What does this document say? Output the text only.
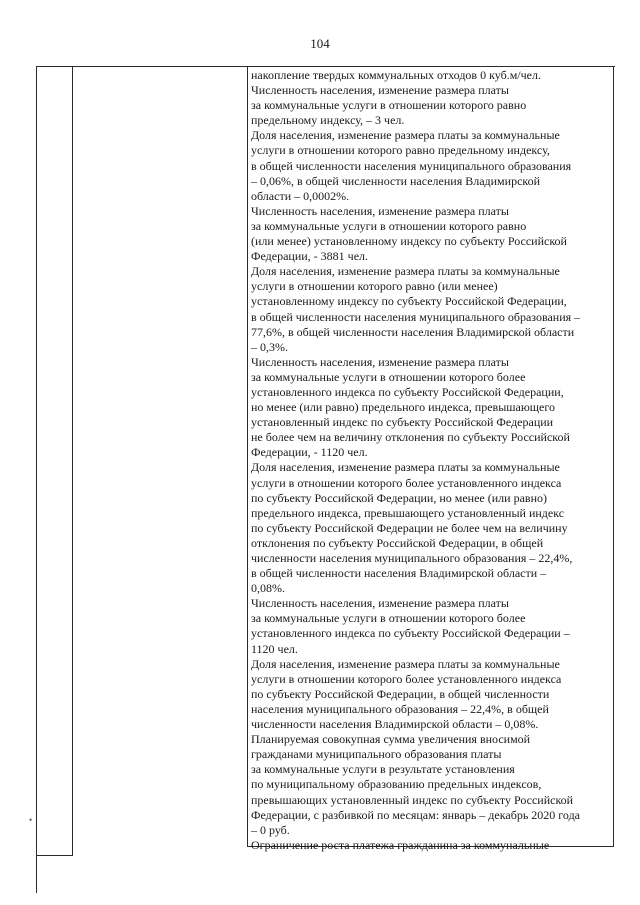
104
накопление твердых коммунальных отходов 0 куб.м/чел.
Численность населения, изменение размера платы
за коммунальные услуги в отношении которого равно
предельному индексу, – 3 чел.
Доля населения, изменение размера платы за коммунальные
услуги в отношении которого равно предельному индексу,
в общей численности населения муниципального образования
– 0,06%, в общей численности населения Владимирской
области – 0,0002%.
Численность населения, изменение размера платы
за коммунальные услуги в отношении которого равно
(или менее) установленному индексу по субъекту Российской
Федерации, - 3881 чел.
Доля населения, изменение размера платы за коммунальные
услуги в отношении которого равно (или менее)
установленному индексу по субъекту Российской Федерации,
в общей численности населения муниципального образования –
77,6%, в общей численности населения Владимирской области
– 0,3%.
Численность населения, изменение размера платы
за коммунальные услуги в отношении которого более
установленного индекса по субъекту Российской Федерации,
но менее (или равно) предельного индекса, превышающего
установленный индекс по субъекту Российской Федерации
не более чем на величину отклонения по субъекту Российской
Федерации, - 1120 чел.
Доля населения, изменение размера платы за коммунальные
услуги в отношении которого более установленного индекса
по субъекту Российской Федерации, но менее (или равно)
предельного индекса, превышающего установленный индекс
по субъекту Российской Федерации не более чем на величину
отклонения по субъекту Российской Федерации, в общей
численности населения муниципального образования – 22,4%,
в общей численности населения Владимирской области –
0,08%.
Численность населения, изменение размера платы
за коммунальные услуги в отношении которого более
установленного индекса по субъекту Российской Федерации –
1120 чел.
Доля населения, изменение размера платы за коммунальные
услуги в отношении которого более установленного индекса
по субъекту Российской Федерации, в общей численности
населения муниципального образования – 22,4%, в общей
численности населения Владимирской области – 0,08%.
Планируемая совокупная сумма увеличения вносимой
гражданами муниципального образования платы
за коммунальные услуги в результате установления
по муниципальному образованию предельных индексов,
превышающих установленный индекс по субъекту Российской
Федерации, с разбивкой по месяцам: январь – декабрь 2020 года
– 0 руб.
Ограничение роста платежа гражданина за коммунальные
•
